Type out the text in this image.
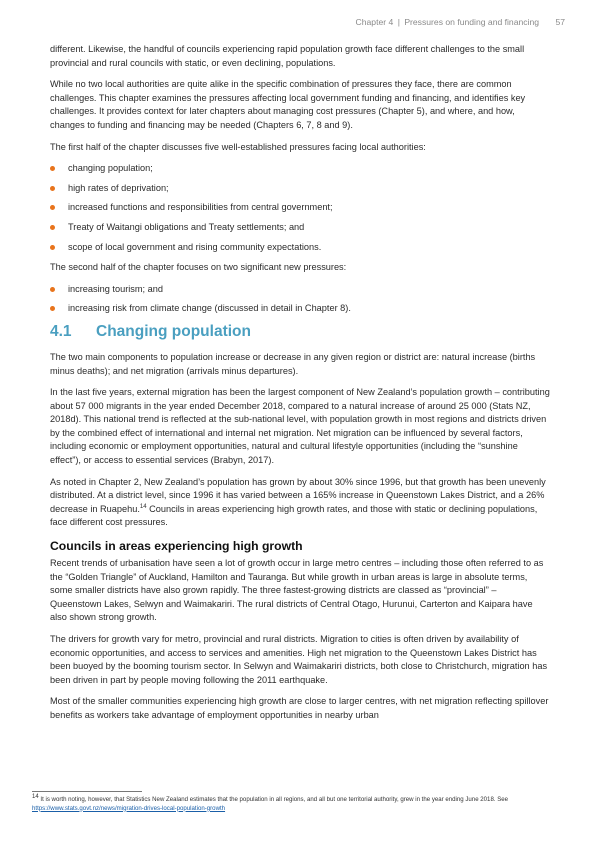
Chapter 4 | Pressures on funding and financing 57

different. Likewise, the handful of councils experiencing rapid population growth face different challenges to the small provincial and rural councils with static, or even declining, populations.

While no two local authorities are quite alike in the specific combination of pressures they face, there are common challenges. This chapter examines the pressures affecting local government funding and financing, and identifies key challenges. It provides context for later chapters about managing cost pressures (Chapter 5), and where, and how, changes to funding and financing may be needed (Chapters 6, 7, 8 and 9).

The first half of the chapter discusses five well-established pressures facing local authorities:

changing population;
high rates of deprivation;
increased functions and responsibilities from central government;
Treaty of Waitangi obligations and Treaty settlements; and
scope of local government and rising community expectations.

The second half of the chapter focuses on two significant new pressures:

increasing tourism; and
increasing risk from climate change (discussed in detail in Chapter 8).
4.1 Changing population

The two main components to population increase or decrease in any given region or district are: natural increase (births minus deaths); and net migration (arrivals minus departures).

In the last five years, external migration has been the largest component of New Zealand’s population growth – contributing about 57 000 migrants in the year ended December 2018, compared to a natural increase of around 25 000 (Stats NZ, 2018d). This national trend is reflected at the sub-national level, with population growth in most regions and districts driven by the combined effect of international and internal net migration. Net migration can be influenced by several factors, including economic or employment opportunities, natural and cultural lifestyle opportunities (including the “sunshine effect”), or access to essential services (Brabyn, 2017).

As noted in Chapter 2, New Zealand’s population has grown by about 30% since 1996, but that growth has been unevenly distributed. At a district level, since 1996 it has varied between a 165% increase in Queenstown Lakes District, and a 26% decrease in Ruapehu.$^{14}$ Councils in areas experiencing high growth rates, and those with static or declining populations, face different cost pressures.

Councils in areas experiencing high growth

Recent trends of urbanisation have seen a lot of growth occur in large metro centres – including those often referred to as the “Golden Triangle” of Auckland, Hamilton and Tauranga. But while growth in urban areas is large in absolute terms, some smaller districts have also grown rapidly. The three fastest-growing districts are classed as “provincial” – Queenstown Lakes, Selwyn and Waimakariri. The rural districts of Central Otago, Hurunui, Carterton and Kaipara have also shown strong growth.

The drivers for growth vary for metro, provincial and rural districts. Migration to cities is often driven by availability of economic opportunities, and access to services and amenities. High net migration to the Queenstown Lakes District has been buoyed by the booming tourism sector. In Selwyn and Waimakariri districts, both close to Christchurch, migration has been driven in part by people moving following the 2011 earthquake.

Most of the smaller communities experiencing high growth are close to larger centres, with net migration reflecting spillover benefits as workers take advantage of employment opportunities in nearby urban

$^{14}$ It is worth noting, however, that Statistics New Zealand estimates that the population in all regions, and all but one territorial authority, grew in the year ending June 2018. See https://www.stats.govt.nz/news/migration-drives-local-population-growth
